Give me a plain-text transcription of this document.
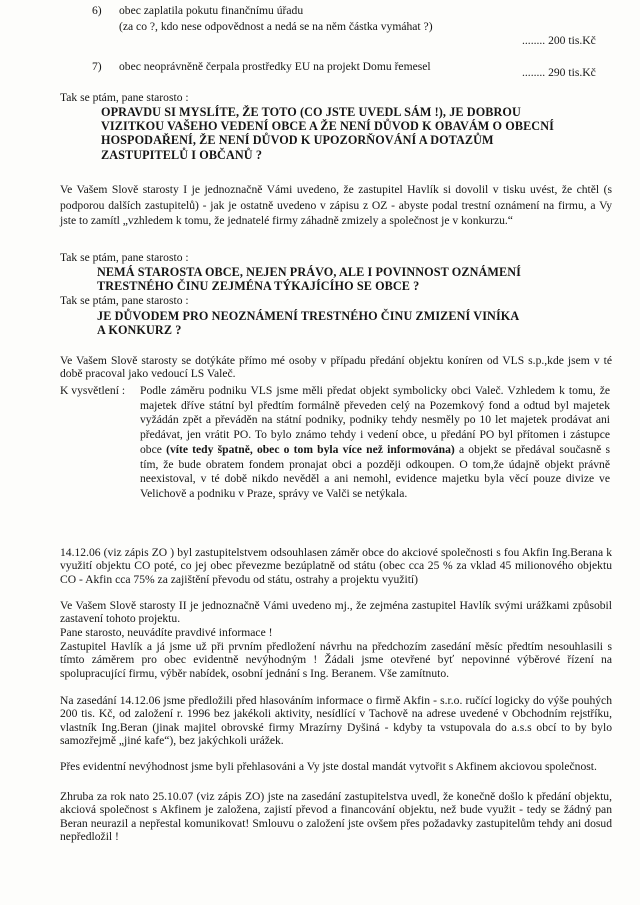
6) obec zaplatila pokutu finančnímu úřadu
(za co ?, kdo nese odpovědnost a nedá se na něm částka vymáhat ?)
........ 200 tis.Kč
7) obec neoprávněně čerpala prostředky EU na projekt Domu řemesel	........ 290 tis.Kč

Tak se ptám, pane starosto :

OPRAVDU SI MYSLÍTE, ŽE TOTO (CO JSTE UVEDL SÁM !), JE DOBROU
VIZITKOU VAŠEHO VEDENÍ OBCE A ŽE NENÍ DŮVOD K OBAVÁM O OBECNÍ
HOSPODAŘENÍ, ŽE NENÍ DŮVOD K UPOZORŇOVÁNÍ A DOTAZŮM
ZASTUPITELŮ I OBČANŮ ?

Ve Vašem Slově starosty I je jednoznačně Vámi uvedeno, že zastupitel Havlík si dovolil v tisku uvést, že chtěl (s podporou dalších zastupitelů) - jak je ostatně uvedeno v zápisu z OZ - abyste podal trestní oznámení na firmu, a Vy jste to zamítl „vzhledem k tomu, že jednatelé firmy záhadně zmizely a společnost je v konkurzu.“

Tak se ptám, pane starosto :

NEMÁ STAROSTA OBCE, NEJEN PRÁVO, ALE I POVINNOST OZNÁMENÍ
TRESTNÉHO ČINU ZEJMÉNA TÝKAJÍCÍHO SE OBCE ?

Tak se ptám, pane starosto :

JE DŮVODEM PRO NEOZNÁMENÍ TRESTNÉHO ČINU ZMIZENÍ VINÍKA
A KONKURZ ?

Ve Vašem Slově starosty se dotýkáte přímo mé osoby v případu předání objektu koníren od VLS s.p.,kde jsem v té době pracoval jako vedoucí LS Valeč.

K vysvětlení : Podle záměru podniku VLS jsme měli předat objekt symbolicky obci Valeč. Vzhledem k tomu, že majetek dříve státní byl předtím formálně převeden celý na Pozemkový fond a odtud byl majetek vyžádán zpět a převáděn na státní podniky, podniky tehdy nesměly po 10 let majetek prodávat ani předávat, jen vrátit PO. To bylo známo tehdy i vedení obce, u předání PO byl přítomen i zástupce obce (víte tedy špatně, obec o tom byla více než informována) a objekt se předával současně s tím, že bude obratem fondem pronajat obci a později odkoupen. O tom,že údajně objekt právně neexistoval, v té době nikdo nevěděl a ani nemohl, evidence majetku byla věcí pouze divize ve Velichově a podniku v Praze, správy ve Valči se netýkala.

14.12.06 (viz zápis ZO ) byl zastupitelstvem odsouhlasen záměr obce do akciové společnosti s fou Akfin Ing.Berana k využití objektu CO poté, co jej obec převezme bezúplatně od státu (obec cca 25 % za vklad 45 milionového objektu CO - Akfin cca 75% za zajištění převodu od státu, ostrahy a projektu využití)

Ve Vašem Slově starosty II je jednoznačně Vámi uvedeno mj., že zejména zastupitel Havlík svými urážkami způsobil zastavení tohoto projektu.

Pane starosto, neuvádíte pravdivé informace !

Zastupitel Havlík a já jsme už při prvním předložení návrhu na předchozím zasedání měsíc předtím nesouhlasili s tímto záměrem pro obec evidentně nevýhodným ! Žádali jsme otevřené byť nepovinné výběrové řízení na spolupracující firmu, výběr nabídek, osobní jednání s Ing. Beranem. Vše zamítnuto.

Na zasedání 14.12.06 jsme předložili před hlasováním informace o firmě Akfin - s.r.o. ručící logicky do výše pouhých 200 tis. Kč, od založení r. 1996 bez jakékoli aktivity, nesídlící v Tachově na adrese uvedené v Obchodním rejstříku, vlastník Ing.Beran (jinak majitel obrovské firmy Mrazírny Dyšiná - kdyby ta vstupovala do a.s.s obcí to by bylo samozřejmě „jiné kafe“), bez jakýchkoli urážek.

Přes evidentní nevýhodnost jsme byli přehlasováni a Vy jste dostal mandát vytvořit s Akfinem akciovou společnost.

Zhruba za rok nato 25.10.07 (viz zápis ZO) jste na zasedání zastupitelstva uvedl, že konečně došlo k předání objektu, akciová společnost s Akfinem je založena, zajistí převod a financování objektu, než bude využit - tedy se žádný pan Beran neurazil a nepřestal komunikovat! Smlouvu o založení jste ovšem přes požadavky zastupitelům tehdy ani dosud nepředložil !
